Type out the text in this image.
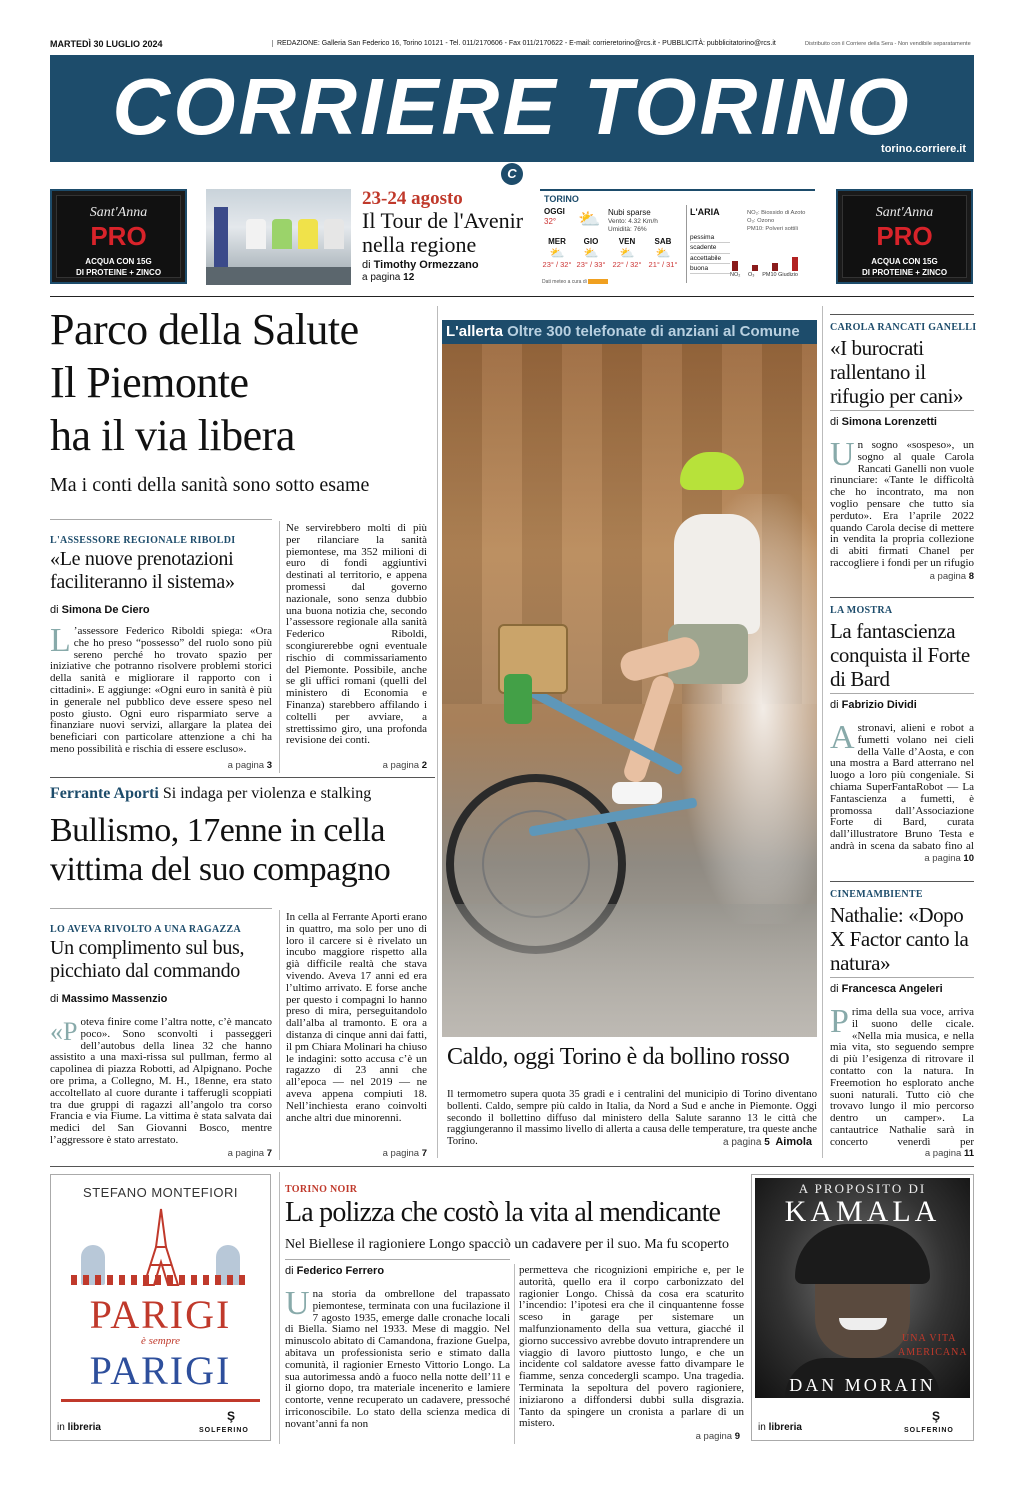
MARTEDÌ 30 LUGLIO 2024	REDAZIONE: Galleria San Federico 16, Torino 10121 - Tel. 011/2170606 - Fax 011/2170622 - E-mail: corrieretorino@rcs.it - PUBBLICITÀ: pubblicitatorino@rcs.it	Distribuito con il Corriere della Sera - Non vendibile separatamente
CORRIERE TORINO
torino.corriere.it
C
Sant'Anna
PRO
ACQUA CON 15G
DI PROTEINE + ZINCO
Sant'Anna
PRO
ACQUA CON 15G
DI PROTEINE + ZINCO
23-24 agosto
Il Tour de l'Avenir nella regione
di Timothy Ormezzano
a pagina 12
TORINO
OGGI
32° ⛅ Nubi sparse
Vento: 4.32 Km/h
Umidità: 76%
MER
⛅
23° / 32°
GIO
⛅
23° / 33°
VEN
⛅
22° / 32°
SAB
⛅
21° / 31°
Dati meteo a cura di
L'ARIA	NO₂: Biossido di Azoto
O₃: Ozono
PM10: Polveri sottili
pessima
scadente
accettabile
buona
NO₂ O₃ PM10 Giudizio
Parco della Salute
Il Piemonte
ha il via libera
Ma i conti della sanità sono sotto esame
L'ASSESSORE REGIONALE RIBOLDI
«Le nuove prenotazioni faciliteranno il sistema»
di Simona De Ciero
L ’assessore Federico Riboldi spiega: «Ora che ho preso “possesso” del ruolo sono più sereno perché ho trovato spazio per iniziative che potranno risolvere problemi storici della sanità e migliorare il rapporto con i cittadini». E aggiunge: «Ogni euro in sanità è più in generale nel pubblico deve essere speso nel posto giusto. Ogni euro risparmiato serve a finanziare nuovi servizi, allargare la platea dei beneficiari con particolare attenzione a chi ha meno possibilità e rischia di essere escluso».
a pagina 3
Ne servirebbero molti di più per rilanciare la sanità piemontese, ma 352 milioni di euro di fondi aggiuntivi destinati al territorio, e appena promessi dal governo nazionale, sono senza dubbio una buona notizia che, secondo l’assessore regionale alla sanità Federico Riboldi, scongiurerebbe ogni eventuale rischio di commissariamento del Piemonte. Possibile, anche se gli uffici romani (quelli del ministero di Economia e Finanza) starebbero affilando i coltelli per avviare, a strettissimo giro, una profonda revisione dei conti.
a pagina 2
Ferrante Aporti Si indaga per violenza e stalking
Bullismo, 17enne in cella
vittima del suo compagno
LO AVEVA RIVOLTO A UNA RAGAZZA
Un complimento sul bus, picchiato dal commando
di Massimo Massenzio
«Poteva finire come l’altra notte, c’è mancato poco». Sono sconvolti i passeggeri dell’autobus della linea 32 che hanno assistito a una maxi-rissa sul pullman, fermo al capolinea di piazza Robotti, ad Alpignano. Poche ore prima, a Collegno, M. H., 18enne, era stato accoltellato al cuore durante i tafferugli scoppiati tra due gruppi di ragazzi all’angolo tra corso Francia e via Fiume. La vittima è stata salvata dai medici del San Giovanni Bosco, mentre l’aggressore è stato arrestato.
a pagina 7
In cella al Ferrante Aporti erano in quattro, ma solo per uno di loro il carcere si è rivelato un incubo maggiore rispetto alla già difficile realtà che stava vivendo. Aveva 17 anni ed era l’ultimo arrivato. E forse anche per questo i compagni lo hanno preso di mira, perseguitandolo dall’alba al tramonto. E ora a distanza di cinque anni dai fatti, il pm Chiara Molinari ha chiuso le indagini: sotto accusa c’è un ragazzo di 23 anni che all’epoca — nel 2019 — ne aveva appena compiuti 18. Nell’inchiesta erano coinvolti anche altri due minorenni.
a pagina 7
L'allerta Oltre 300 telefonate di anziani al Comune
Caldo, oggi Torino è da bollino rosso
Il termometro supera quota 35 gradi e i centralini del municipio di Torino diventano bollenti. Caldo, sempre più caldo in Italia, da Nord a Sud e anche in Piemonte. Oggi secondo il bollettino diffuso dal ministero della Salute saranno 13 le città che raggiungeranno il massimo livello di allerta a causa delle temperature, tra queste anche Torino.	a pagina 5 Aimola
CAROLA RANCATI GANELLI
«I burocrati rallentano il rifugio per cani»
di Simona Lorenzetti
Un sogno «sospeso», un sogno al quale Carola Rancati Ganelli non vuole rinunciare: «Tante le difficoltà che ho incontrato, ma non voglio pensare che tutto sia perduto». Era l’aprile 2022 quando Carola decise di mettere in vendita la propria collezione di abiti firmati Chanel per raccogliere i fondi per un rifugio
a pagina 8
LA MOSTRA
La fantascienza conquista il Forte di Bard
di Fabrizio Dividi
Astronavi, alieni e robot a fumetti volano nei cieli della Valle d’Aosta, e con una mostra a Bard atterrano nel luogo a loro più congeniale. Si chiama SuperFantaRobot — La Fantascienza a fumetti, è promossa dall’Associazione Forte di Bard, curata dall’illustratore Bruno Testa e andrà in scena da sabato fino al
a pagina 10
CINEMAMBIENTE
Nathalie: «Dopo X Factor canto la natura»
di Francesca Angeleri
Prima della sua voce, arriva il suono delle cicale. «Nella mia musica, e nella mia vita, sto seguendo sempre di più l’esigenza di ritrovare il contatto con la natura. In Freemotion ho esplorato anche suoni naturali. Tutto ciò che trovavo lungo il mio percorso dentro un camper». La cantautrice Nathalie sarà in concerto venerdì per
a pagina 11
STEFANO MONTEFIORI
PARIGI
è sempre
PARIGI
in libreria
Ş
SOLFERINO
TORINO NOIR
La polizza che costò la vita al mendicante
Nel Biellese il ragioniere Longo spacciò un cadavere per il suo. Ma fu scoperto
di Federico Ferrero
Una storia da ombrellone del trapassato piemontese, terminata con una fucilazione il 7 agosto 1935, emerge dalle cronache locali di Biella. Siamo nel 1933. Mese di maggio. Nel minuscolo abitato di Camandona, frazione Guelpa, abitava un professionista serio e stimato dalla comunità, il ragionier Ernesto Vittorio Longo. La sua autorimessa andò a fuoco nella notte dell’11 e il giorno dopo, tra materiale incenerito e lamiere contorte, venne recuperato un cadavere, pressoché irriconoscibile. Lo stato della scienza medica di novant’anni fa non
permetteva che ricognizioni empiriche e, per le autorità, quello era il corpo carbonizzato del ragionier Longo. Chissà da cosa era scaturito l’incendio: l’ipotesi era che il cinquantenne fosse sceso in garage per sistemare un malfunzionamento della sua vettura, giacché il giorno successivo avrebbe dovuto intraprendere un viaggio di lavoro piuttosto lungo, e che un incidente col saldatore avesse fatto divampare le fiamme, senza concedergli scampo. Una tragedia. Terminata la sepoltura del povero ragioniere, iniziarono a diffondersi dubbi sulla disgrazia. Tanto da spingere un cronista a parlare di un mistero.
a pagina 9
A PROPOSITO DI
KAMALA
UNA VITA
AMERICANA
DAN MORAIN
in libreria
Ş
SOLFERINO
